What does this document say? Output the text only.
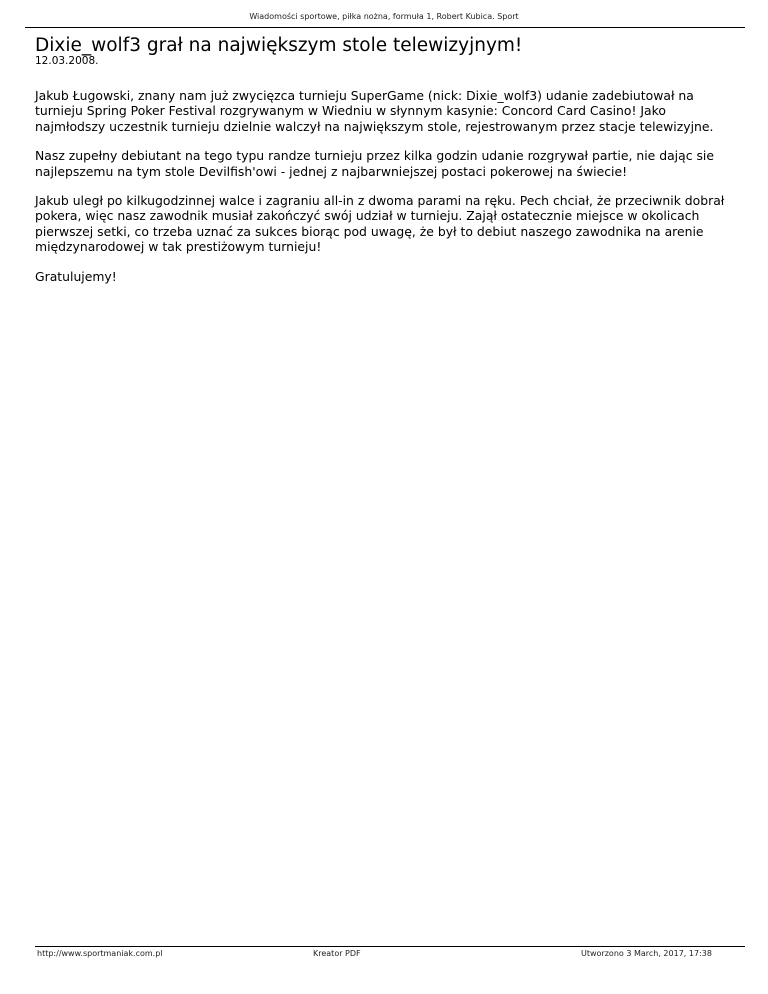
Wiadomości sportowe, piłka nożna, formuła 1, Robert Kubica. Sport
Dixie_wolf3 grał na największym stole telewizyjnym!
12.03.2008.

Jakub Ługowski, znany nam już zwycięzca turnieju SuperGame (nick: Dixie_wolf3) udanie zadebiutował na turnieju Spring Poker Festival rozgrywanym w Wiedniu w słynnym kasynie: Concord Card Casino! Jako najmłodszy uczestnik turnieju dzielnie walczył na największym stole, rejestrowanym przez stacje telewizyjne.

Nasz zupełny debiutant na tego typu randze turnieju przez kilka godzin udanie rozgrywał partie, nie dając sie najlepszemu na tym stole Devilfish'owi - jednej z najbarwniejszej postaci pokerowej na świecie!

Jakub uległ po kilkugodzinnej walce i zagraniu all-in z dwoma parami na ręku. Pech chciał, że przeciwnik dobrał pokera, więc nasz zawodnik musiał zakończyć swój udział w turnieju. Zajął ostatecznie miejsce w okolicach pierwszej setki, co trzeba uznać za sukces biorąc pod uwagę, że był to debiut naszego zawodnika na arenie międzynarodowej w tak prestiżowym turnieju!

Gratulujemy!

http://www.sportmaniak.com.pl	Kreator PDF	Utworzono 3 March, 2017, 17:38
